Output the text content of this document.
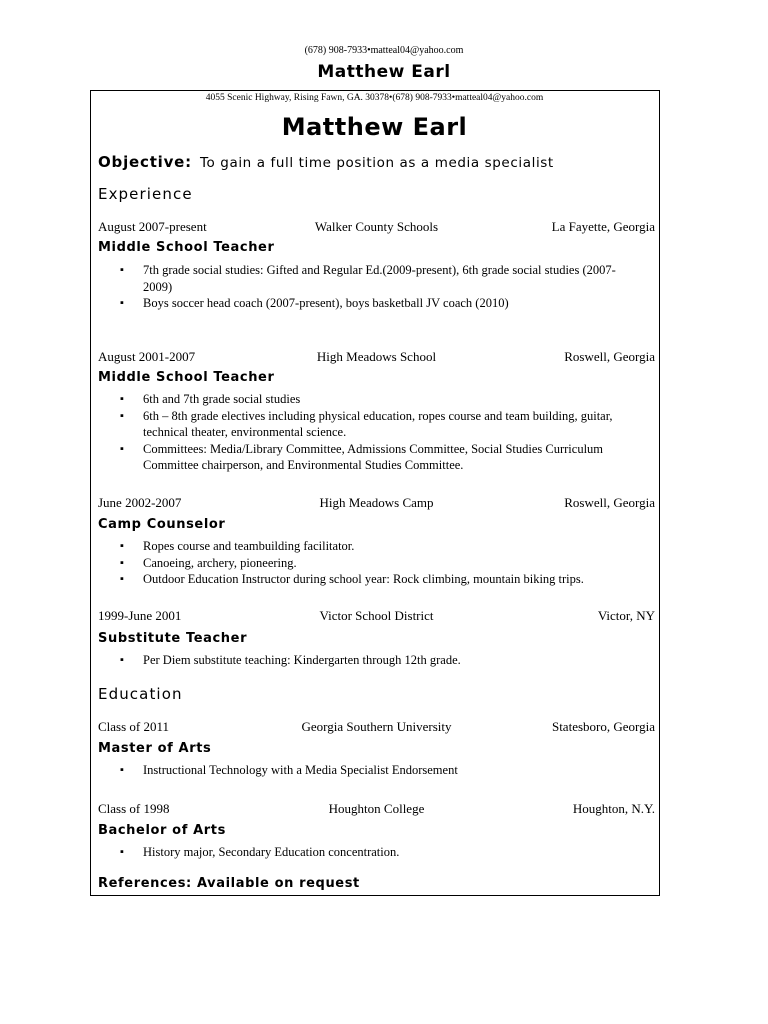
(678) 908-7933•matteal04@yahoo.com
Matthew Earl
4055 Scenic Highway, Rising Fawn, GA. 30378•(678) 908-7933•matteal04@yahoo.com
Matthew Earl
Objective: To gain a full time position as a media specialist
Experience
August 2007-present	Walker County Schools	La Fayette, Georgia
Middle School Teacher
▪ 7th grade social studies: Gifted and Regular Ed.(2009-present), 6th grade social studies (2007-2009)
▪ Boys soccer head coach (2007-present), boys basketball JV coach (2010)
August 2001-2007	High Meadows School	Roswell, Georgia
Middle School Teacher
▪ 6th and 7th grade social studies
▪ 6th – 8th grade electives including physical education, ropes course and team building, guitar, technical theater, environmental science.
▪ Committees: Media/Library Committee, Admissions Committee, Social Studies Curriculum Committee chairperson, and Environmental Studies Committee.
June 2002-2007	High Meadows Camp	Roswell, Georgia
Camp Counselor
▪ Ropes course and teambuilding facilitator.
▪ Canoeing, archery, pioneering.
▪ Outdoor Education Instructor during school year: Rock climbing, mountain biking trips.
1999-June 2001	Victor School District	Victor, NY
Substitute Teacher
▪ Per Diem substitute teaching: Kindergarten through 12th grade.
Education
Class of 2011	Georgia Southern University	Statesboro, Georgia
Master of Arts
▪ Instructional Technology with a Media Specialist Endorsement
Class of 1998	Houghton College	Houghton, N.Y.
Bachelor of Arts
▪ History major, Secondary Education concentration.
References: Available on request
